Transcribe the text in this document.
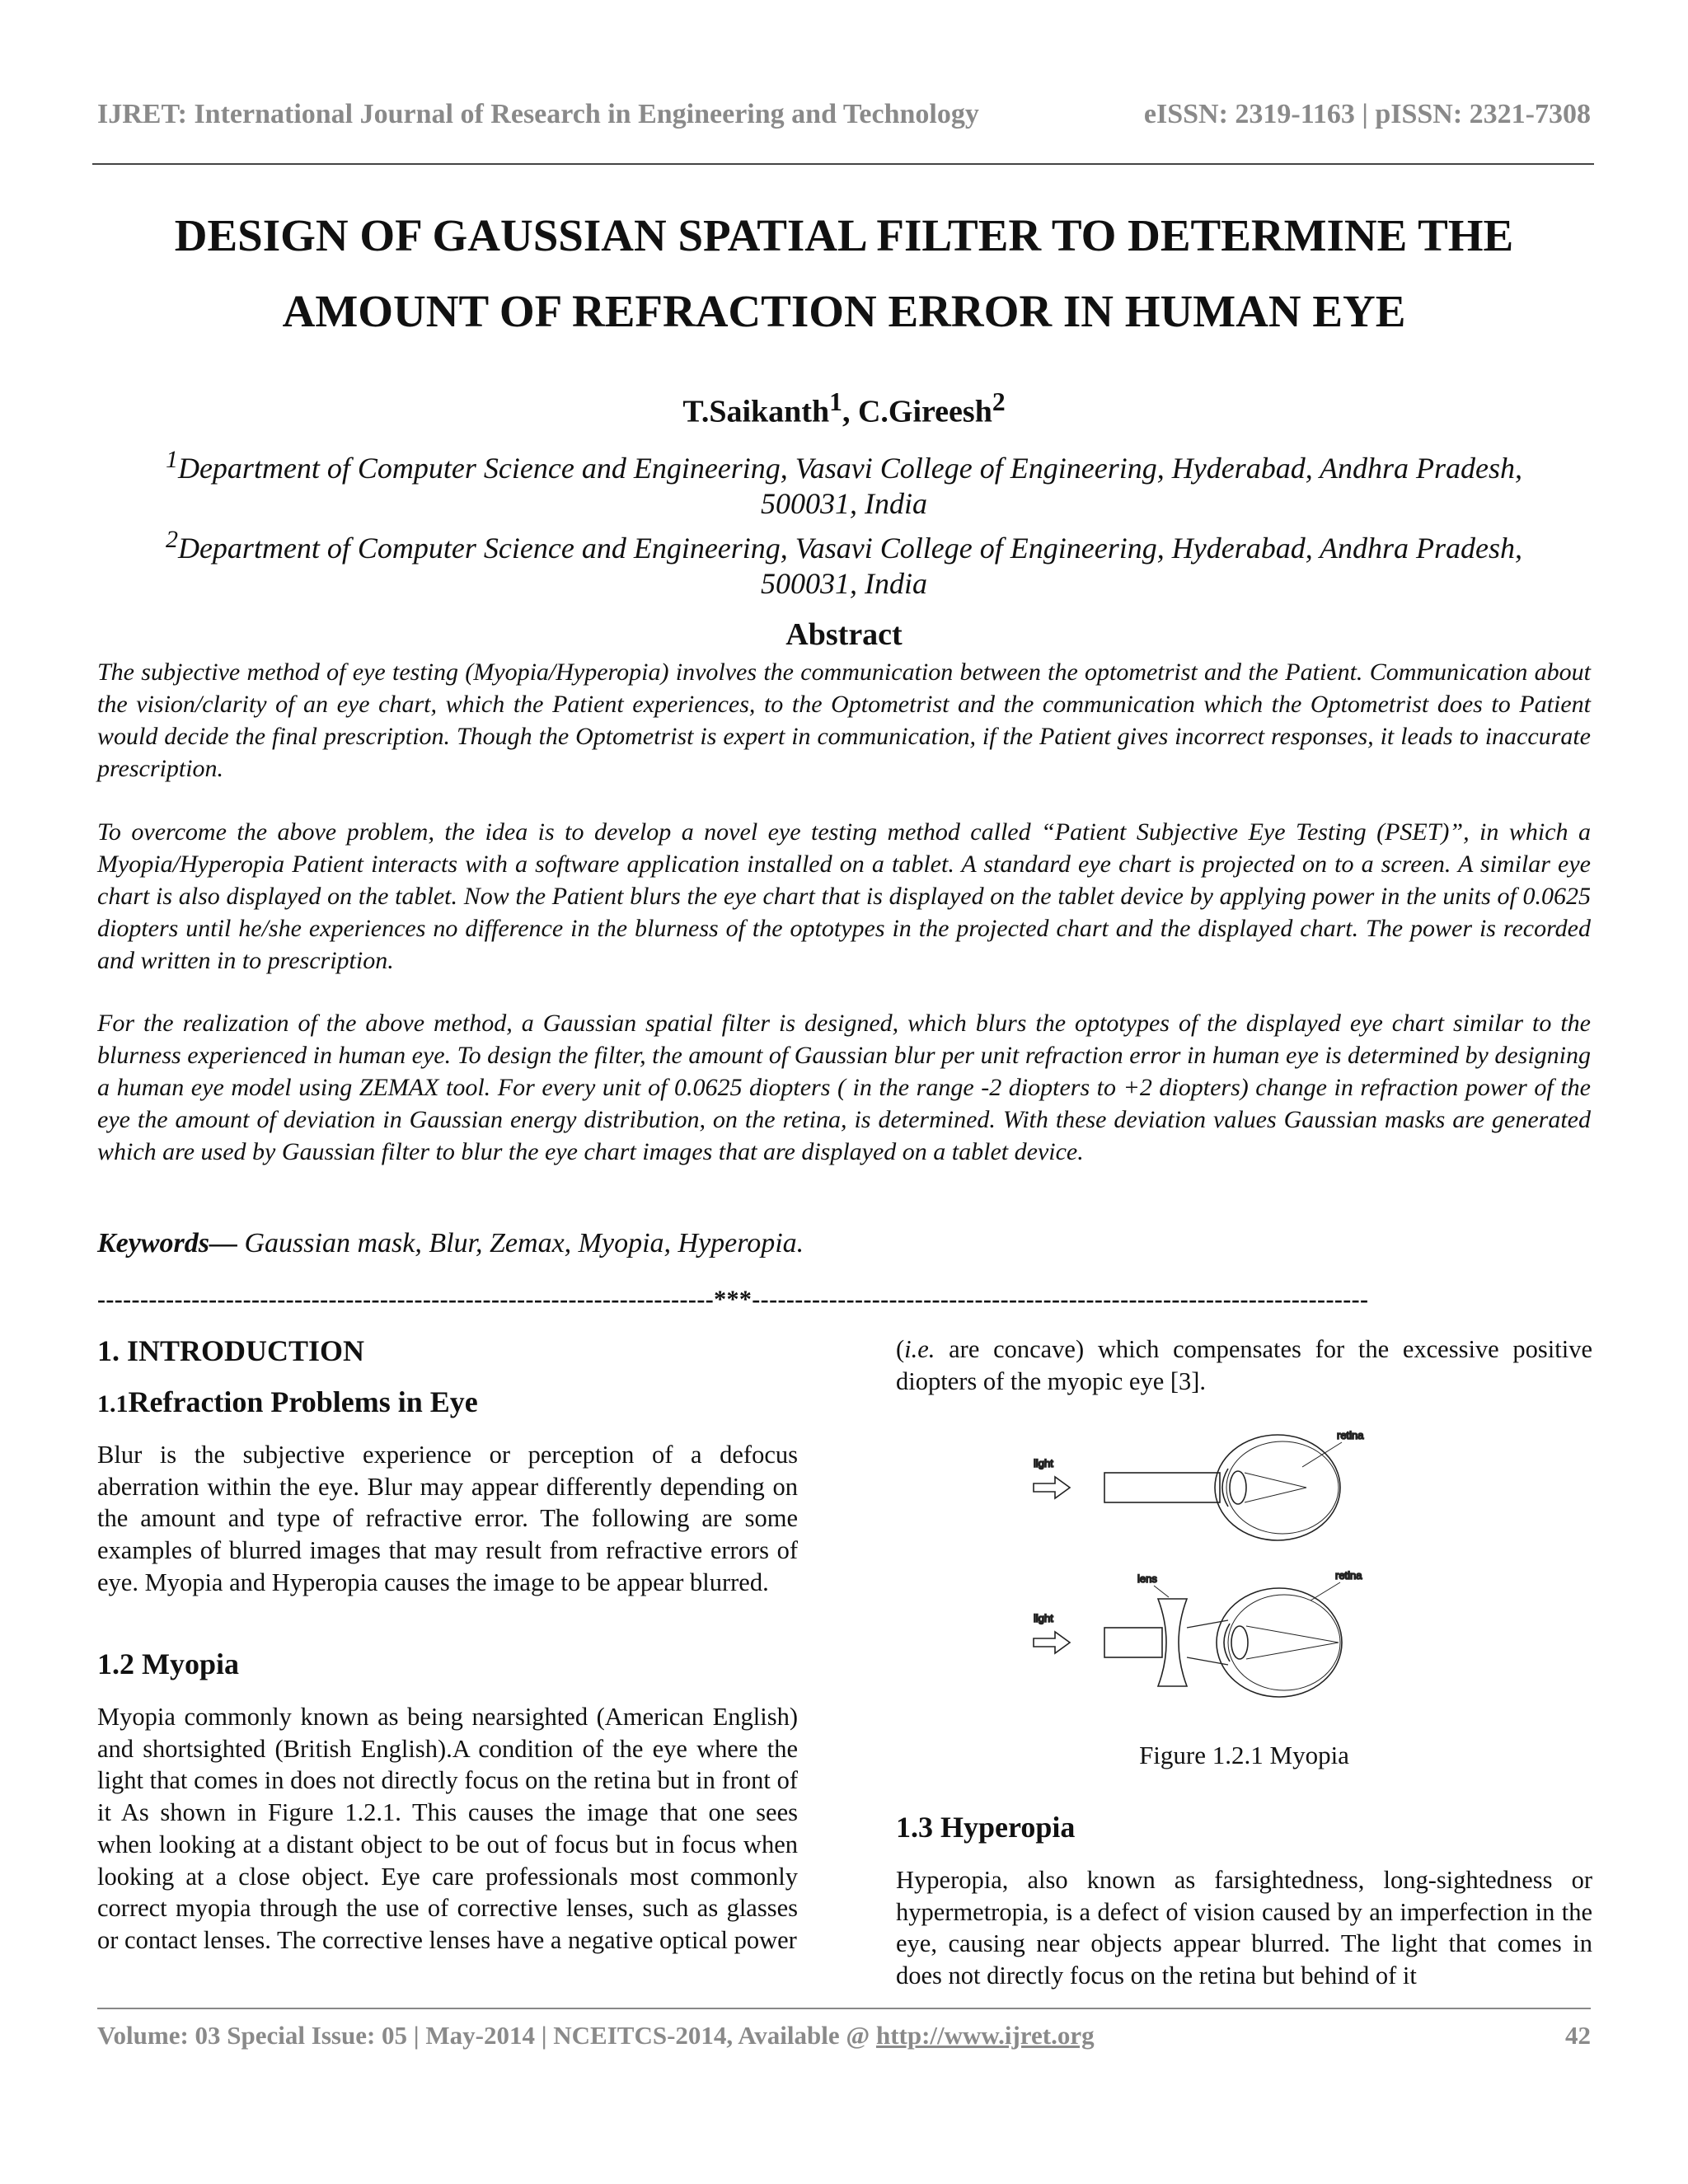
IJRET: International Journal of Research in Engineering and Technology	eISSN: 2319-1163 | pISSN: 2321-7308
DESIGN OF GAUSSIAN SPATIAL FILTER TO DETERMINE THE
AMOUNT OF REFRACTION ERROR IN HUMAN EYE
T.Saikanth$^1$, C.Gireesh$^2$
$^1$Department of Computer Science and Engineering, Vasavi College of Engineering, Hyderabad, Andhra Pradesh,
500031, India
$^2$Department of Computer Science and Engineering, Vasavi College of Engineering, Hyderabad, Andhra Pradesh,
500031, India
Abstract

The subjective method of eye testing (Myopia/Hyperopia) involves the communication between the optometrist and the Patient. Communication about the vision/clarity of an eye chart, which the Patient experiences, to the Optometrist and the communication which the Optometrist does to Patient would decide the final prescription. Though the Optometrist is expert in communication, if the Patient gives incorrect responses, it leads to inaccurate prescription.

To overcome the above problem, the idea is to develop a novel eye testing method called “Patient Subjective Eye Testing (PSET)”, in which a Myopia/Hyperopia Patient interacts with a software application installed on a tablet. A standard eye chart is projected on to a screen. A similar eye chart is also displayed on the tablet. Now the Patient blurs the eye chart that is displayed on the tablet device by applying power in the units of 0.0625 diopters until he/she experiences no difference in the blurness of the optotypes in the projected chart and the displayed chart. The power is recorded and written in to prescription.

For the realization of the above method, a Gaussian spatial filter is designed, which blurs the optotypes of the displayed eye chart similar to the blurness experienced in human eye. To design the filter, the amount of Gaussian blur per unit refraction error in human eye is determined by designing a human eye model using ZEMAX tool. For every unit of 0.0625 diopters ( in the range -2 diopters to +2 diopters) change in refraction power of the eye the amount of deviation in Gaussian energy distribution, on the retina, is determined. With these deviation values Gaussian masks are generated which are used by Gaussian filter to blur the eye chart images that are displayed on a tablet device.

Keywords— Gaussian mask, Blur, Zemax, Myopia, Hyperopia.
------------------------------------------------------------------------***------------------------------------------------------------------------
1. INTRODUCTION
1.1Refraction Problems in Eye

Blur is the subjective experience or perception of a defocus aberration within the eye. Blur may appear differently depending on the amount and type of refractive error. The following are some examples of blurred images that may result from refractive errors of eye. Myopia and Hyperopia causes the image to be appear blurred.

1.2 Myopia

Myopia commonly known as being nearsighted (American English) and shortsighted (British English).A condition of the eye where the light that comes in does not directly focus on the retina but in front of it As shown in Figure 1.2.1. This causes the image that one sees when looking at a distant object to be out of focus but in focus when looking at a close object. Eye care professionals most commonly correct myopia through the use of corrective lenses, such as glasses or contact lenses. The corrective lenses have a negative optical power

(i.e. are concave) which compensates for the excessive positive diopters of the myopic eye [3].

retina
light
lens	retina
light
Figure 1.2.1 Myopia
1.3 Hyperopia

Hyperopia, also known as farsightedness, long-sightedness or hypermetropia, is a defect of vision caused by an imperfection in the eye, causing near objects appear blurred. The light that comes in does not directly focus on the retina but behind of it

Volume: 03 Special Issue: 05 | May-2014 | NCEITCS-2014, Available @ http://www.ijret.org	42
